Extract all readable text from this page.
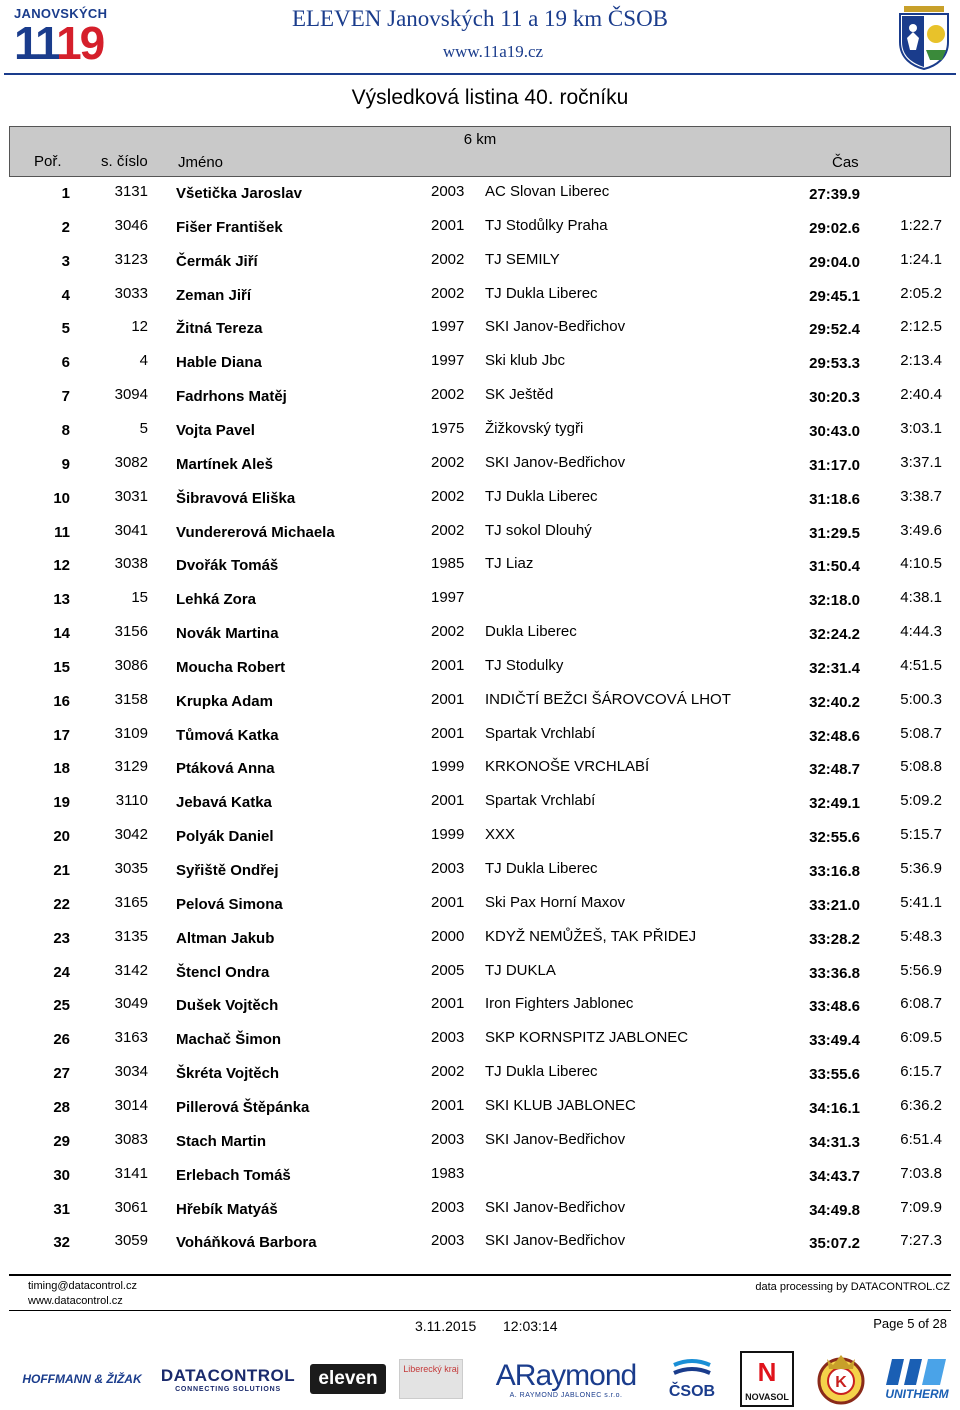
JANOVSKÝCH
1119	ELEVEN Janovských 11 a 19 km ČSOB
www.11a19.cz
Výsledková listina 40. ročníku
6 km
Poř.	s. číslo Jméno	Čas
1	3131 Všetička Jaroslav	2003 AC Slovan Liberec	27:39.9
2	3046 Fišer František	2001 TJ Stodůlky Praha	29:02.6	1:22.7
3	3123 Čermák Jiří	2002 TJ SEMILY	29:04.0	1:24.1
4	3033 Zeman Jiří	2002 TJ Dukla Liberec	29:45.1	2:05.2
5	12 Žitná Tereza	1997 SKI Janov-Bedřichov	29:52.4	2:12.5
6	4 Hable Diana	1997 Ski klub Jbc	29:53.3	2:13.4
7	3094 Fadrhons Matěj	2002 SK Ještěd	30:20.3	2:40.4
8	5 Vojta Pavel	1975 Žižkovský tygři	30:43.0	3:03.1
9	3082 Martínek Aleš	2002 SKI Janov-Bedřichov	31:17.0	3:37.1
10	3031 Šibravová Eliška	2002 TJ Dukla Liberec	31:18.6	3:38.7
11	3041 Vundererová Michaela	2002 TJ sokol Dlouhý	31:29.5	3:49.6
12	3038 Dvořák Tomáš	1985 TJ Liaz	31:50.4	4:10.5
13	15 Lehká Zora	1997	32:18.0	4:38.1
14	3156 Novák Martina	2002 Dukla Liberec	32:24.2	4:44.3
15	3086 Moucha Robert	2001 TJ Stodulky	32:31.4	4:51.5
16	3158 Krupka Adam	2001 INDIČTÍ BEŽCI ŠÁROVCOVÁ LHOT	32:40.2	5:00.3
17	3109 Tůmová Katka	2001 Spartak Vrchlabí	32:48.6	5:08.7
18	3129 Ptáková Anna	1999 KRKONOŠE VRCHLABÍ	32:48.7	5:08.8
19	3110 Jebavá Katka	2001 Spartak Vrchlabí	32:49.1	5:09.2
20	3042 Polyák Daniel	1999 XXX	32:55.6	5:15.7
21	3035 Syřiště Ondřej	2003 TJ Dukla Liberec	33:16.8	5:36.9
22	3165 Pelová Simona	2001 Ski Pax Horní Maxov	33:21.0	5:41.1
23	3135 Altman Jakub	2000 KDYŽ NEMŮŽEŠ, TAK PŘIDEJ	33:28.2	5:48.3
24	3142 Štencl Ondra	2005 TJ DUKLA	33:36.8	5:56.9
25	3049 Dušek Vojtěch	2001 Iron Fighters Jablonec	33:48.6	6:08.7
26	3163 Machač Šimon	2003 SKP KORNSPITZ JABLONEC	33:49.4	6:09.5
27	3034 Škréta Vojtěch	2002 TJ Dukla Liberec	33:55.6	6:15.7
28	3014 Pillerová Štěpánka	2001 SKI KLUB JABLONEC	34:16.1	6:36.2
29	3083 Stach Martin	2003 SKI Janov-Bedřichov	34:31.3	6:51.4
30	3141 Erlebach Tomáš	1983	34:43.7	7:03.8
31	3061 Hřebík Matyáš	2003 SKI Janov-Bedřichov	34:49.8	7:09.9
32	3059 Voháňková Barbora	2003 SKI Janov-Bedřichov	35:07.2	7:27.3
timing@datacontrol.cz
www.datacontrol.cz
data processing by DATACONTROL.CZ
3.11.2015 12:03:14	Page 5 of 28
HOFFMANN & ŽIŽAK DATACONTROL
CONNECTING SOLUTIONS	eleven	Liberecký kraj ARaymond
A. RAYMOND JABLONEC s.r.o.	ČSOB
N
NOVASOL
K
UNITHERM
